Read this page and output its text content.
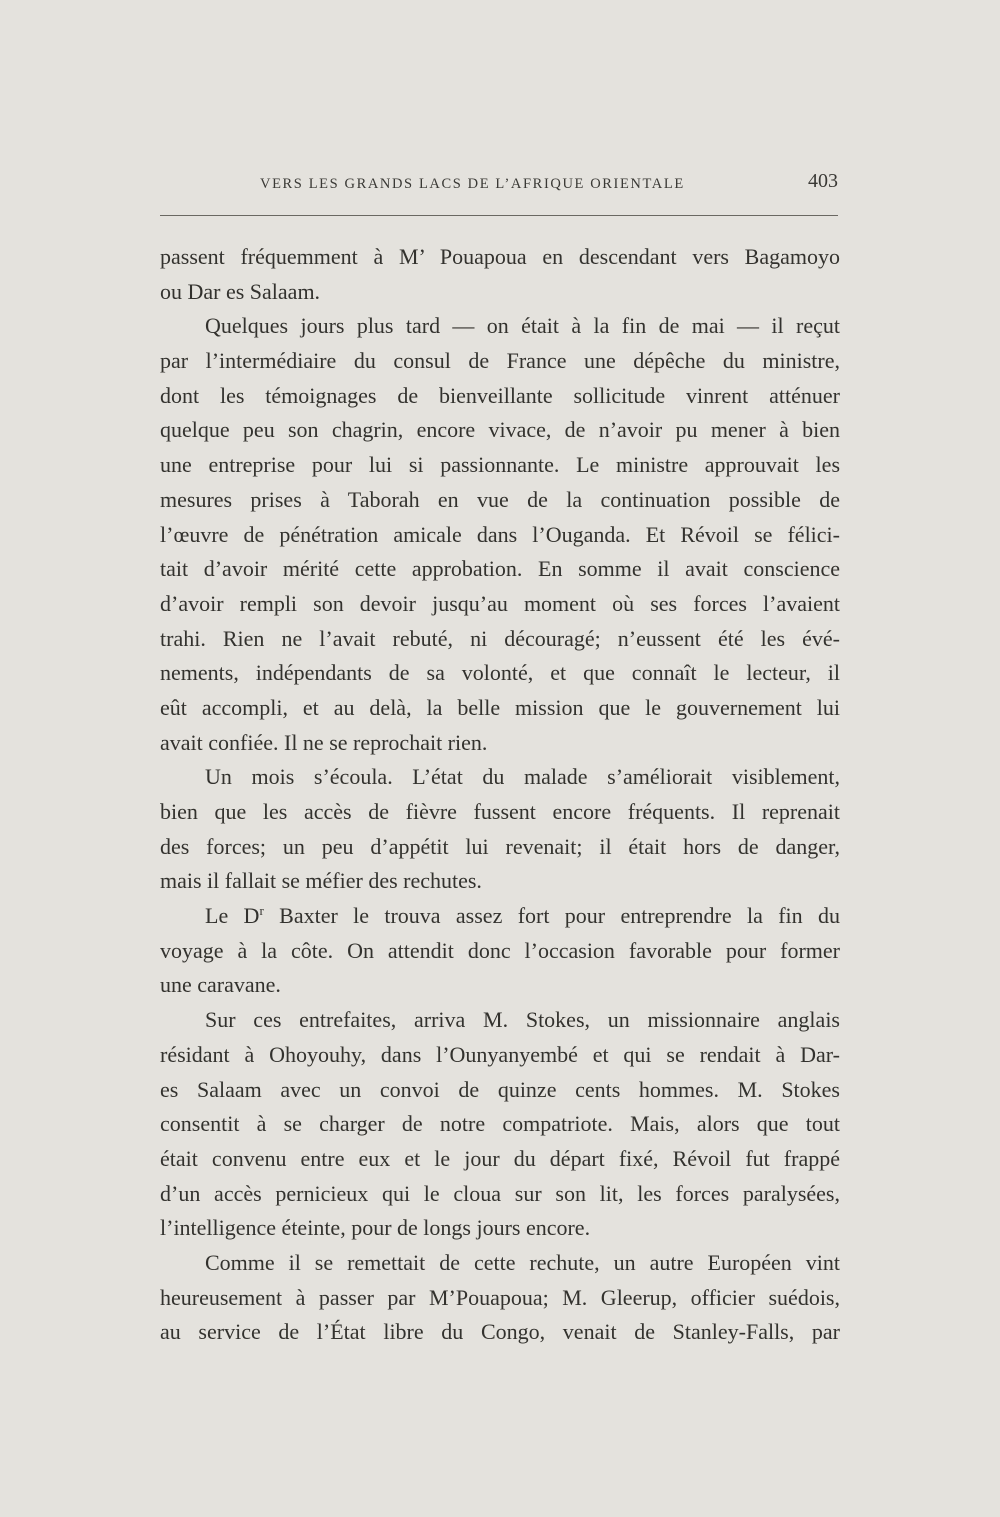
VERS LES GRANDS LACS DE L’AFRIQUE ORIENTALE	403
passent fréquemment à M’ Pouapoua en descendant vers Bagamoyo
ou Dar es Salaam.
Quelques jours plus tard — on était à la fin de mai — il reçut
par l’intermédiaire du consul de France une dépêche du ministre,
dont les témoignages de bienveillante sollicitude vinrent atténuer
quelque peu son chagrin, encore vivace, de n’avoir pu mener à bien
une entreprise pour lui si passionnante. Le ministre approuvait les
mesures prises à Taborah en vue de la continuation possible de
l’œuvre de pénétration amicale dans l’Ouganda. Et Révoil se félici-
tait d’avoir mérité cette approbation. En somme il avait conscience
d’avoir rempli son devoir jusqu’au moment où ses forces l’avaient
trahi. Rien ne l’avait rebuté, ni découragé; n’eussent été les évé-
nements, indépendants de sa volonté, et que connaît le lecteur, il
eût accompli, et au delà, la belle mission que le gouvernement lui
avait confiée. Il ne se reprochait rien.
Un mois s’écoula. L’état du malade s’améliorait visiblement,
bien que les accès de fièvre fussent encore fréquents. Il reprenait
des forces; un peu d’appétit lui revenait; il était hors de danger,
mais il fallait se méfier des rechutes.
Le $D^r$ Baxter le trouva assez fort pour entreprendre la fin du
voyage à la côte. On attendit donc l’occasion favorable pour former
une caravane.
Sur ces entrefaites, arriva M. Stokes, un missionnaire anglais
résidant à Ohoyouhy, dans l’Ounyanyembé et qui se rendait à Dar-
es Salaam avec un convoi de quinze cents hommes. M. Stokes
consentit à se charger de notre compatriote. Mais, alors que tout
était convenu entre eux et le jour du départ fixé, Révoil fut frappé
d’un accès pernicieux qui le cloua sur son lit, les forces paralysées,
l’intelligence éteinte, pour de longs jours encore.
Comme il se remettait de cette rechute, un autre Européen vint
heureusement à passer par M’Pouapoua; M. Gleerup, officier suédois,
au service de l’État libre du Congo, venait de Stanley-Falls, par
